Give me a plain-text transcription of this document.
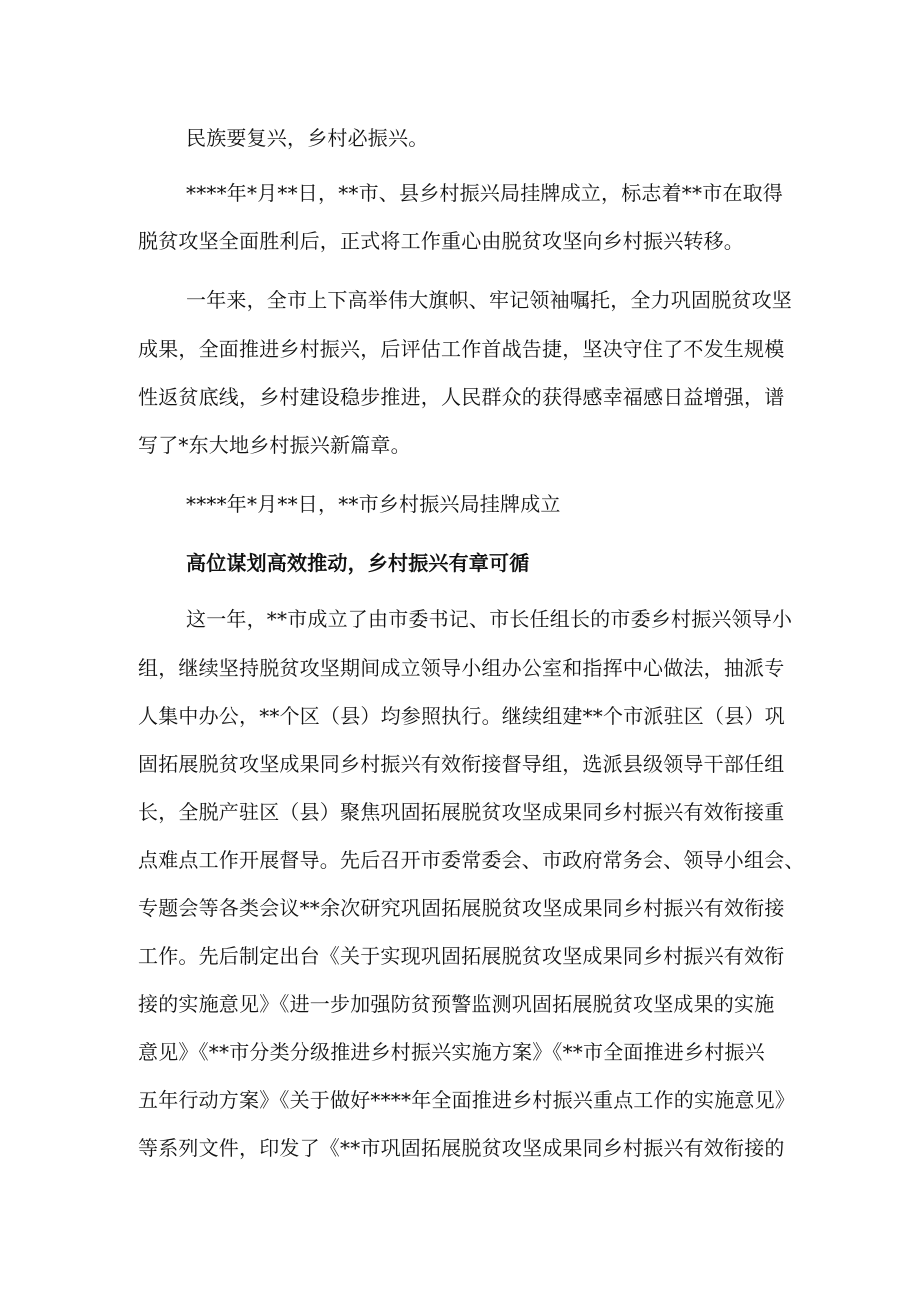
民族要复兴，乡村必振兴。
****年*月**日，**市、县乡村振兴局挂牌成立，标志着**市在取得
脱贫攻坚全面胜利后，正式将工作重心由脱贫攻坚向乡村振兴转移。
一年来，全市上下高举伟大旗帜、牢记领袖嘱托，全力巩固脱贫攻坚
成果，全面推进乡村振兴，后评估工作首战告捷，坚决守住了不发生规模
性返贫底线，乡村建设稳步推进，人民群众的获得感幸福感日益增强，谱
写了*东大地乡村振兴新篇章。
****年*月**日，**市乡村振兴局挂牌成立
高位谋划高效推动，乡村振兴有章可循
这一年，**市成立了由市委书记、市长任组长的市委乡村振兴领导小
组，继续坚持脱贫攻坚期间成立领导小组办公室和指挥中心做法，抽派专
人集中办公，**个区（县）均参照执行。继续组建**个市派驻区（县）巩
固拓展脱贫攻坚成果同乡村振兴有效衔接督导组，选派县级领导干部任组
长，全脱产驻区（县）聚焦巩固拓展脱贫攻坚成果同乡村振兴有效衔接重
点难点工作开展督导。先后召开市委常委会、市政府常务会、领导小组会、
专题会等各类会议**余次研究巩固拓展脱贫攻坚成果同乡村振兴有效衔接
工作。先后制定出台《关于实现巩固拓展脱贫攻坚成果同乡村振兴有效衔
接的实施意见》《进一步加强防贫预警监测巩固拓展脱贫攻坚成果的实施
意见》《**市分类分级推进乡村振兴实施方案》《**市全面推进乡村振兴
五年行动方案》《关于做好****年全面推进乡村振兴重点工作的实施意见》
等系列文件，印发了《**市巩固拓展脱贫攻坚成果同乡村振兴有效衔接的
